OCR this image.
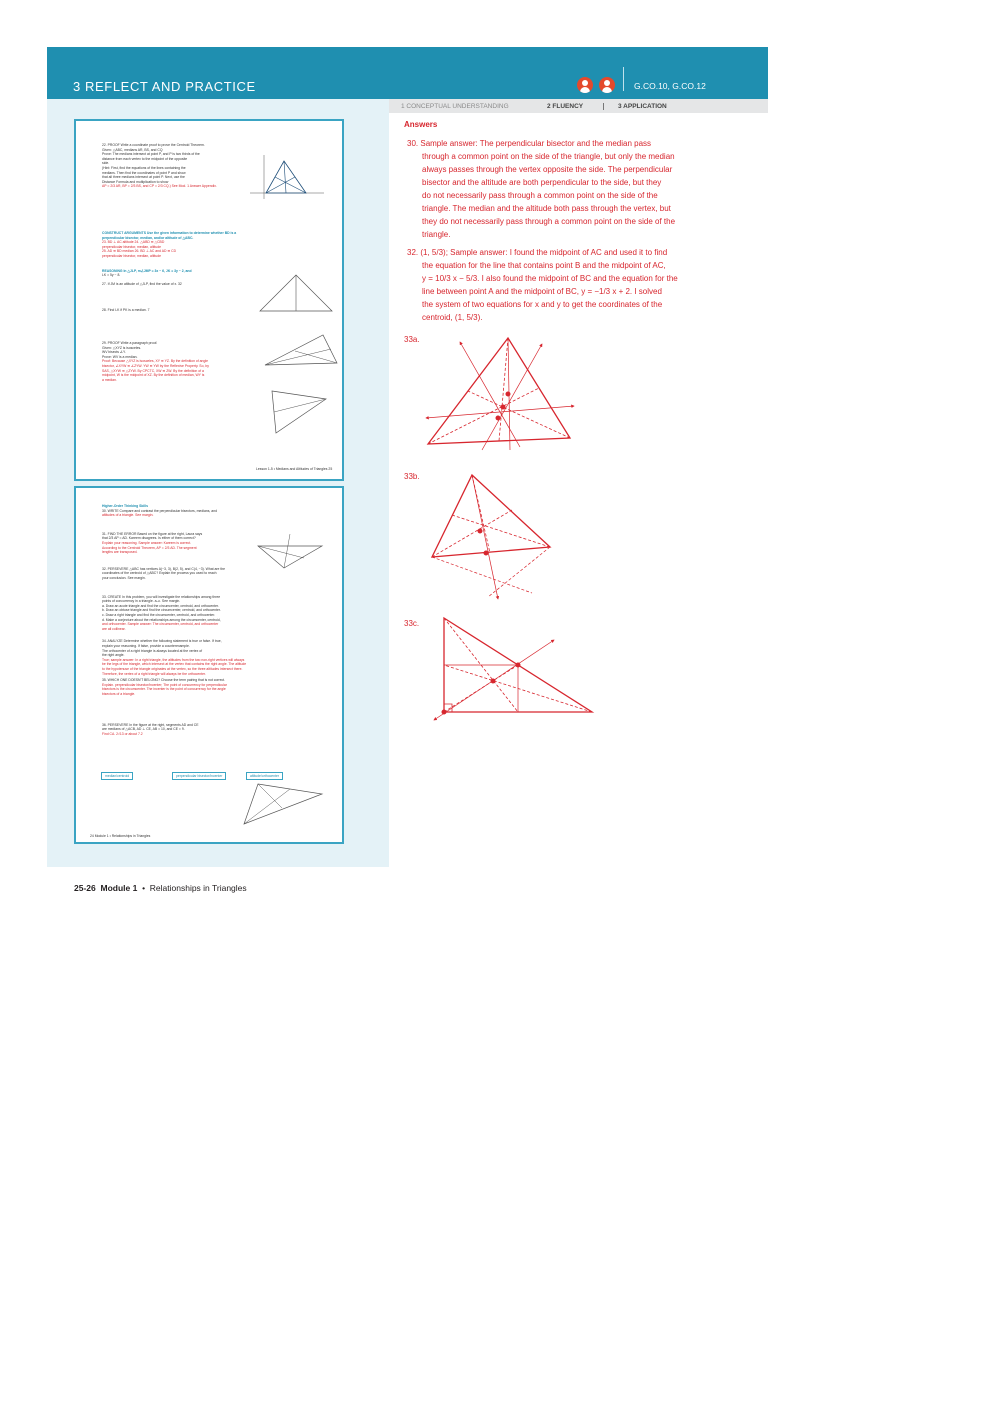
3 REFLECT AND PRACTICE	G.CO.10, G.CO.12
1 CONCEPTUAL UNDERSTANDING	2 FLUENCY	3 APPLICATION
22. PROOF Write a coordinate proof to prove the Centroid Theorem.
Given: △ABC, medians AR, BS, and CQ
Prove: The medians intersect at point P, and P is two thirds of the
distance from each vertex to the midpoint of the opposite
side.
(Hint: First, find the equations of the lines containing the
medians. Then find the coordinates of point P and show
that all three medians intersect at point P. Next, use the
Distance Formula and multiplication to show
AP = 2/3 AR, BP = 2/3 BS, and CP = 2/3 CQ.) See Mod. 1 Answer Appendix.
CONSTRUCT ARGUMENTS Use the given information to determine whether BD is a
perpendicular bisector, median, and/or altitude of △ABC.
23. BD ⊥ AC altitude 24. △ABD ≅ △CBD
perpendicular bisector, median, altitude
25. AD ≅ BD median 26. BD ⊥ AC and AD ≅ CD
perpendicular bisector, median, altitude
REASONING In △JLP, m∠JMP = 3x − 6, JK = 3y − 2, and
LK = 5y − 8.
27. If JM is an altitude of △JLP, find the value of x. 32
28. Find LK if PK is a median. 7
29. PROOF Write a paragraph proof.
Given: △XYZ is isosceles.
WV bisects ∠Y.
Prove: WV is a median.
Proof: Because △XYZ is isosceles, XY ≅ YZ. By the definition of angle
bisector, ∠XYW ≅ ∠ZYW. YW ≅ YW by the Reflexive Property. So, by
SAS, △XYW ≅ △ZYW. By CPCTC, XW ≅ ZW. By the definition of a
midpoint, W is the midpoint of XZ. By the definition of median, WY is
a median.
Lesson 1-5 • Medians and Altitudes of Triangles 25
Higher-Order Thinking Skills
30. WRITE Compare and contrast the perpendicular bisectors, medians, and
altitudes of a triangle. See margin.
31. FIND THE ERROR Based on the figure at the right, Laura says
that 2/3 AP = AD. Kareem disagrees. Is either of them correct?
Explain your reasoning. Sample answer: Kareem is correct.
According to the Centroid Theorem, AP = 2/3 AD. The segment
lengths are transposed.
32. PERSEVERE △ABC has vertices A(−3, 3), B(2, 5), and C(4, −3). What are the
coordinates of the centroid of △ABC? Explain the process you used to reach
your conclusion. See margin.
33. CREATE In this problem, you will investigate the relationships among three
points of concurrency in a triangle. a–c. See margin.
a. Draw an acute triangle and find the circumcenter, centroid, and orthocenter.
b. Draw an obtuse triangle and find the circumcenter, centroid, and orthocenter.
c. Draw a right triangle and find the circumcenter, centroid, and orthocenter.
d. Make a conjecture about the relationships among the circumcenter, centroid,
and orthocenter. Sample answer: The circumcenter, centroid, and orthocenter
are all collinear.
34. ANALYZE Determine whether the following statement is true or false. If true,
explain your reasoning. If false, provide a counterexample.
The orthocenter of a right triangle is always located at the vertex of
the right angle.
True; sample answer: In a right triangle, the altitudes from the two non-right vertices will always
be the legs of the triangle, which intersect at the vertex that contains the right angle. The altitude
to the hypotenuse of the triangle originates at the vertex, so the three altitudes intersect there.
Therefore, the vertex of a right triangle will always be the orthocenter.
35. WHICH ONE DOESN'T BELONG? Choose the term pairing that is not correct.
Explain. perpendicular bisector/incenter; The point of concurrency for perpendicular
bisectors is the circumcenter. The incenter is the point of concurrency for the angle
bisectors of a triangle.
36. PERSEVERE In the figure at the right, segments AD and CE
are medians of △ACB, AD ⊥ CE, AB = 10, and CE = 9.
Find CA. 2√13 or about 7.2
median/centroid	perpendicular bisector/incenter	altitude/orthocenter
24 Module 1 • Relationships in Triangles
Answers
30. Sample answer: The perpendicular bisector and the median pass
through a common point on the side of the triangle, but only the median
always passes through the vertex opposite the side. The perpendicular
bisector and the altitude are both perpendicular to the side, but they
do not necessarily pass through a common point on the side of the
triangle. The median and the altitude both pass through the vertex, but
they do not necessarily pass through a common point on the side of the
triangle.
32. (1, 5/3); Sample answer: I found the midpoint of AC and used it to find
the equation for the line that contains point B and the midpoint of AC,
y = 10/3 x − 5/3. I also found the midpoint of BC and the equation for the
line between point A and the midpoint of BC, y = −1/3 x + 2. I solved
the system of two equations for x and y to get the coordinates of the
centroid, (1, 5/3).
33a.
33b.
33c.
25-26 Module 1 • Relationships in Triangles
